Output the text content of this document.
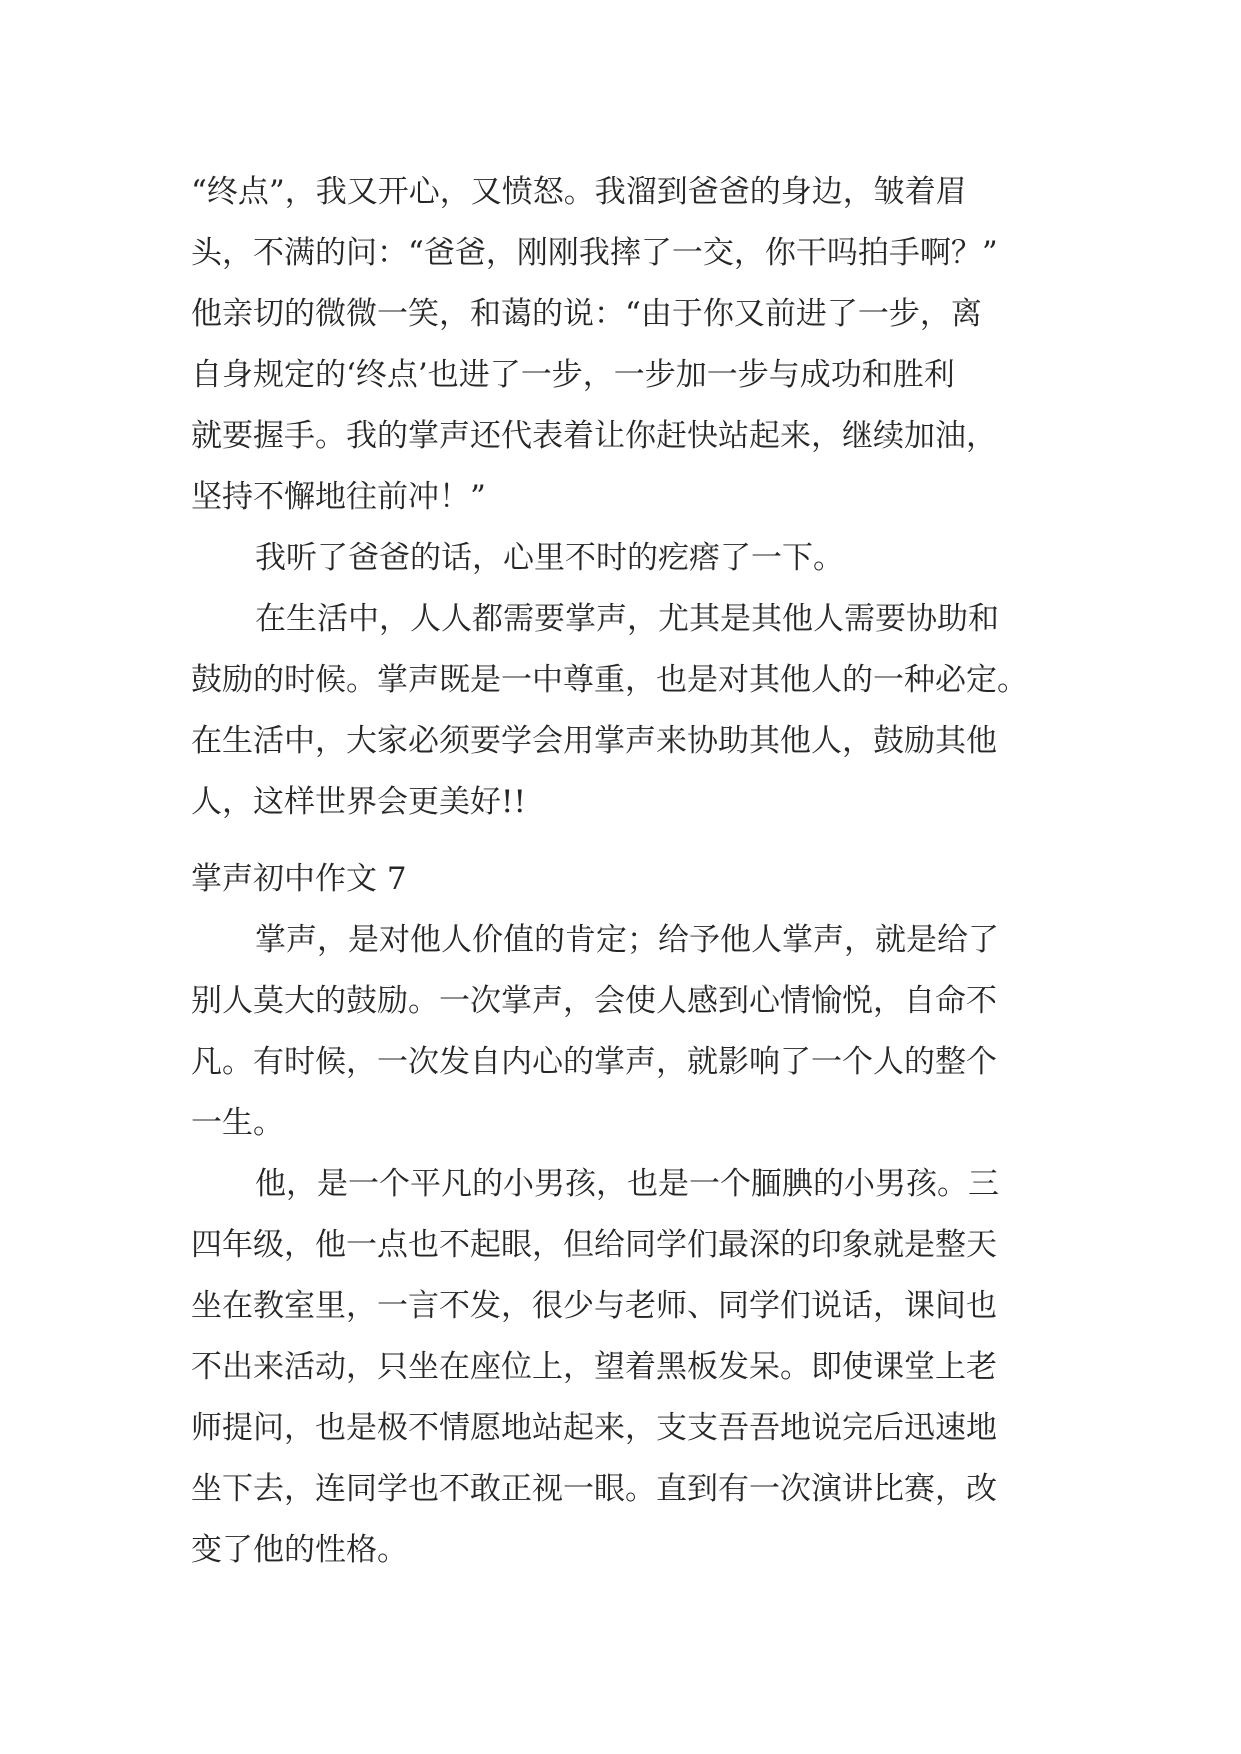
“终点”，我又开心，又愤怒。我溜到爸爸的身边，皱着眉
头，不满的问：“爸爸，刚刚我摔了一交，你干吗拍手啊？”
他亲切的微微一笑，和蔼的说：“由于你又前进了一步，离
自身规定的‘终点’也进了一步，一步加一步与成功和胜利
就要握手。我的掌声还代表着让你赶快站起来，继续加油，
坚持不懈地往前冲！”
我听了爸爸的话，心里不时的疙瘩了一下。
在生活中，人人都需要掌声，尤其是其他人需要协助和
鼓励的时候。掌声既是一中尊重，也是对其他人的一种必定。
在生活中，大家必须要学会用掌声来协助其他人，鼓励其他
人，这样世界会更美好!!
掌声初中作文 7
掌声，是对他人价值的肯定；给予他人掌声，就是给了
别人莫大的鼓励。一次掌声，会使人感到心情愉悦，自命不
凡。有时候，一次发自内心的掌声，就影响了一个人的整个
一生。
他，是一个平凡的小男孩，也是一个腼腆的小男孩。三
四年级，他一点也不起眼，但给同学们最深的印象就是整天
坐在教室里，一言不发，很少与老师、同学们说话，课间也
不出来活动，只坐在座位上，望着黑板发呆。即使课堂上老
师提问，也是极不情愿地站起来，支支吾吾地说完后迅速地
坐下去，连同学也不敢正视一眼。直到有一次演讲比赛，改
变了他的性格。
